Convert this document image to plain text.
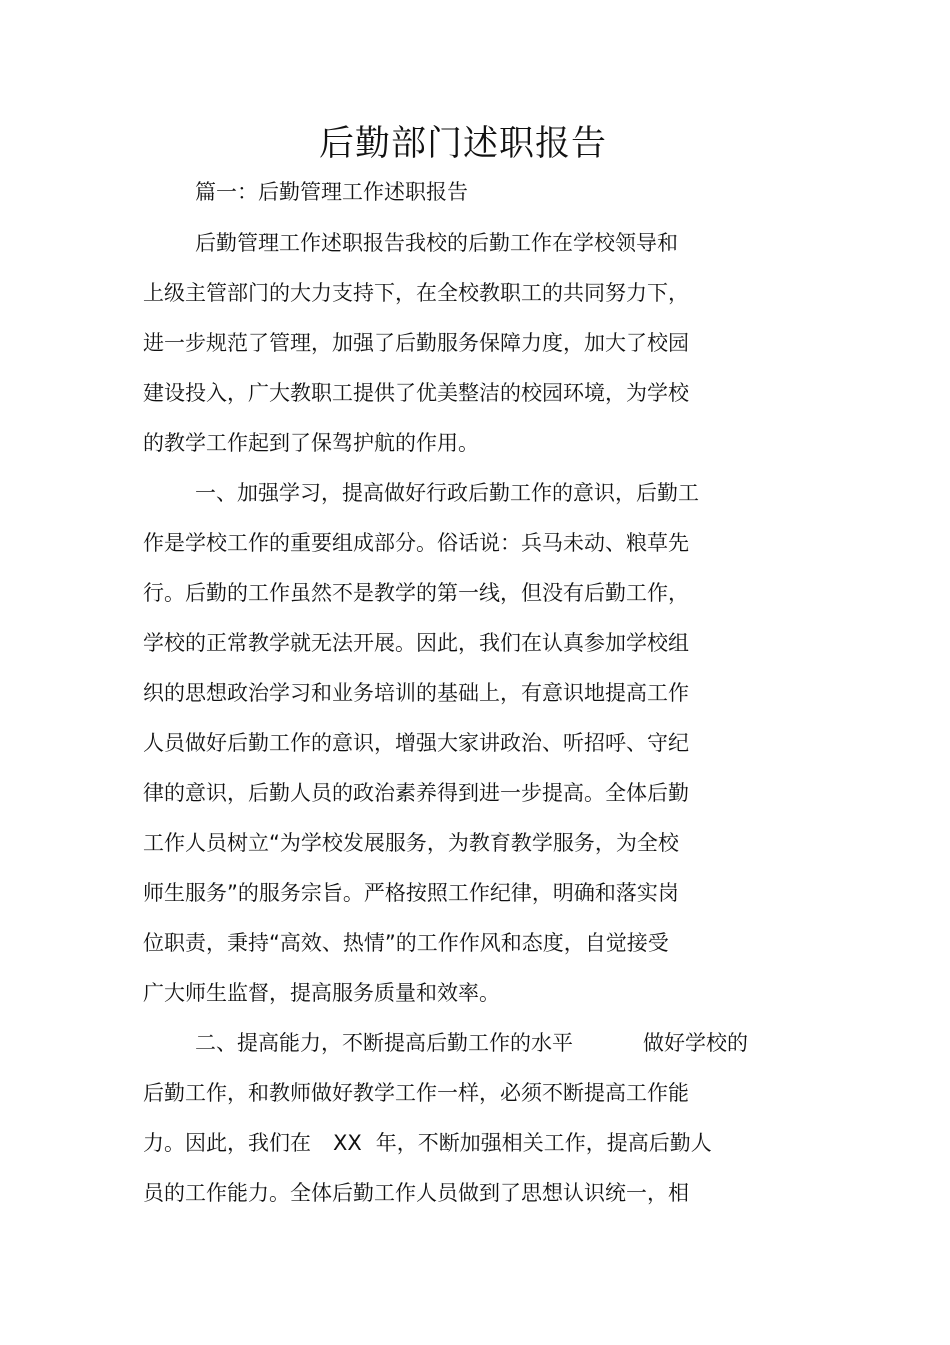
后勤部门述职报告

篇一：后勤管理工作述职报告

后勤管理工作述职报告我校的后勤工作在学校领导和

上级主管部门的大力支持下，在全校教职工的共同努力下，

进一步规范了管理，加强了后勤服务保障力度，加大了校园

建设投入，广大教职工提供了优美整洁的校园环境，为学校

的教学工作起到了保驾护航的作用。

一、加强学习，提高做好行政后勤工作的意识，后勤工

作是学校工作的重要组成部分。俗话说：兵马未动、粮草先

行。后勤的工作虽然不是教学的第一线，但没有后勤工作，

学校的正常教学就无法开展。因此，我们在认真参加学校组

织的思想政治学习和业务培训的基础上，有意识地提高工作

人员做好后勤工作的意识，增强大家讲政治、听招呼、守纪

律的意识，后勤人员的政治素养得到进一步提高。全体后勤

工作人员树立“为学校发展服务，为教育教学服务，为全校

师生服务”的服务宗旨。严格按照工作纪律，明确和落实岗

位职责，秉持“高效、热情”的工作作风和态度，自觉接受

广大师生监督，提高服务质量和效率。

二、提高能力，不断提高后勤工作的水平	做好学校的

后勤工作，和教师做好教学工作一样，必须不断提高工作能

力。因此，我们在 XX 年，不断加强相关工作，提高后勤人

员的工作能力。全体后勤工作人员做到了思想认识统一，相
